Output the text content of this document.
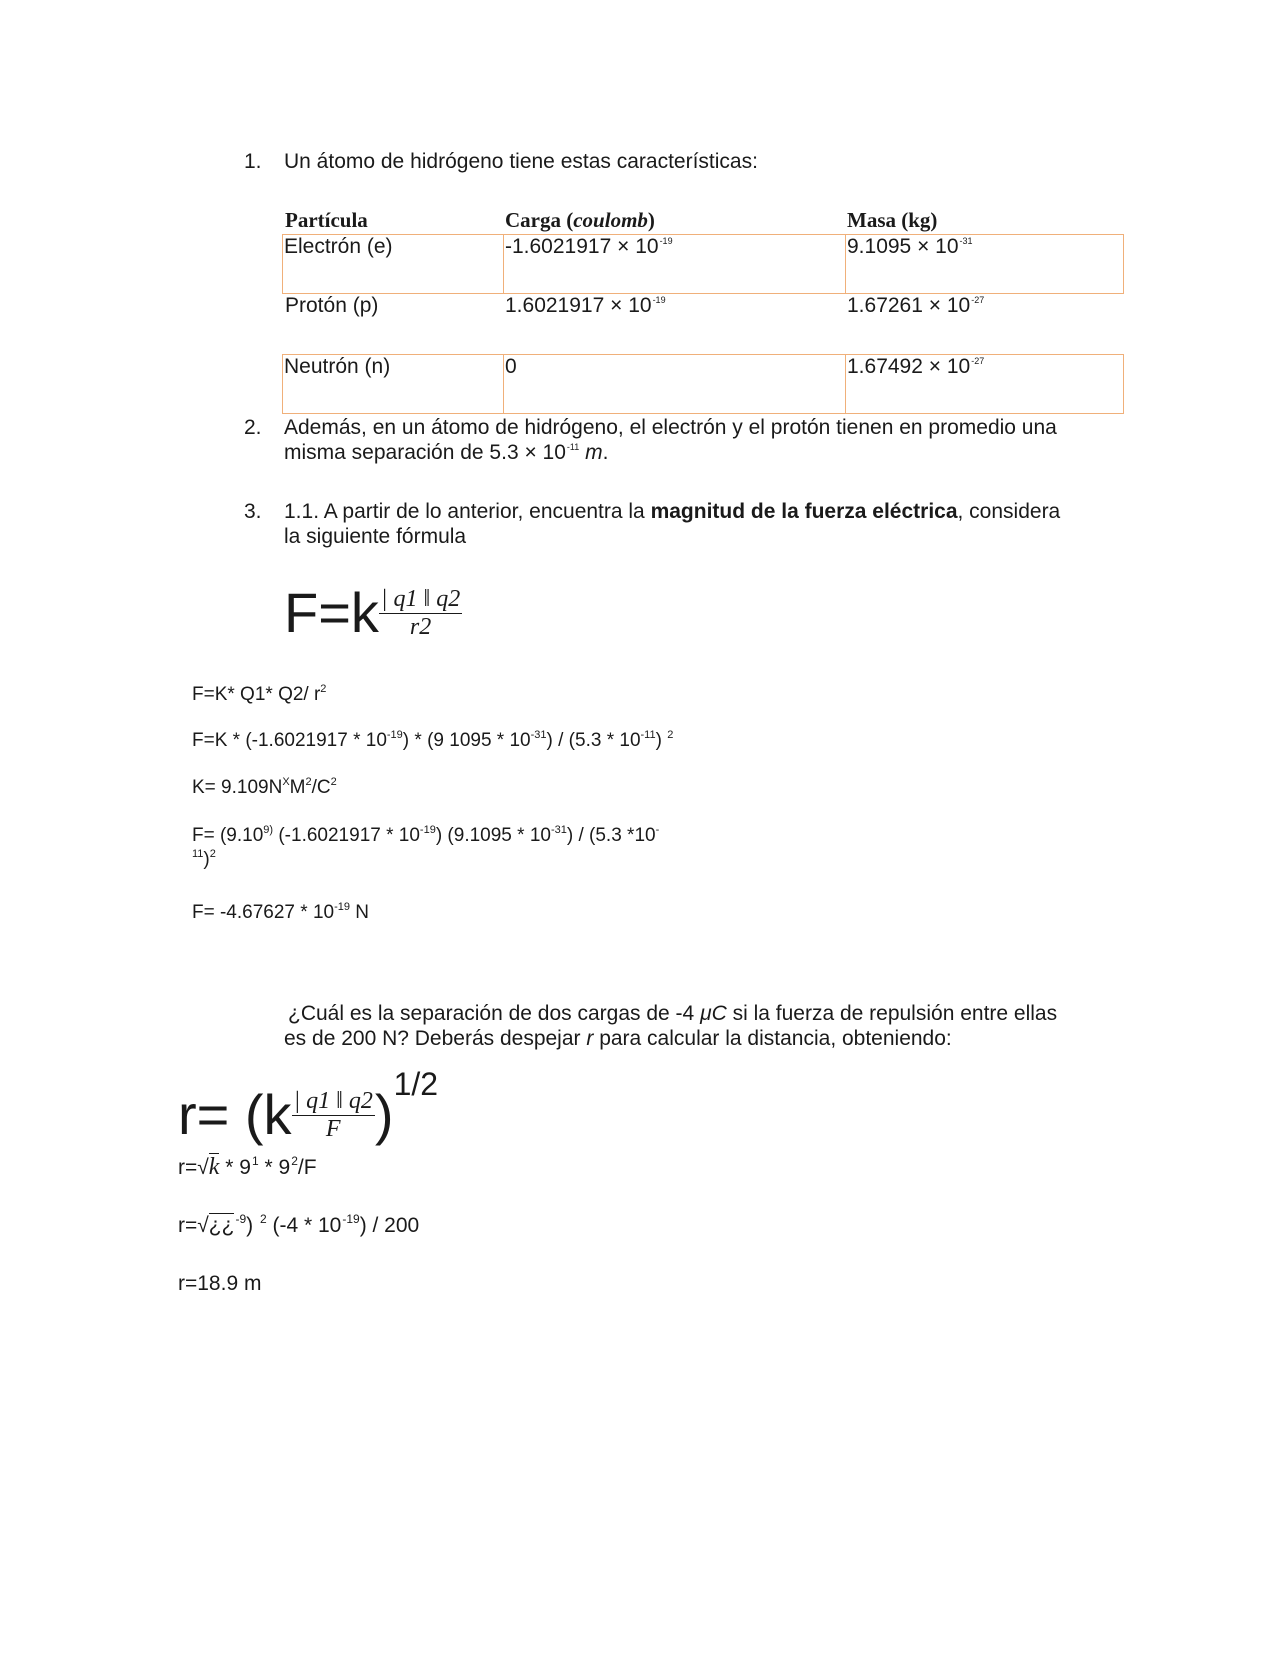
1.	Un átomo de hidrógeno tiene estas características:
Partícula	Carga (coulomb)	Masa (kg)
Electrón (e)	$-1.6021917 \times 10^{-19}$	$9.1095 \times 10^{-31}$
Protón (p)	$1.6021917 \times 10^{-19}$	$1.67261 \times 10^{-27}$
Neutrón (n)	0	$1.67492 \times 10^{-27}$
2.	Además, en un átomo de hidrógeno, el electrón y el protón tienen en promedio una
misma separación de $5.3 \times 10^{-11}$ m.
3.	1.1. A partir de lo anterior, encuentra la magnitud de la fuerza eléctrica, considera
la siguiente fórmula
$F=k \frac{| q1 ‖ q2}{r2}$
F=K* Q1* Q2/ $r^2$
$F=K * (-1.6021917 * 10^{-19}) * (9$ $1095 * 10^{-31}) / (5.3 * 10^{-11})$ $^2$
$K= 9.109N^XM^2/C^2$
$F= (9.10^{9)}$ $(-1.6021917 * 10^{-19})$ $(9.1095 * 10^{-31}) / (5.3$ *10-
$^{11}$)$^2$
$F= -4.67627 * 10^{-19}$ N
¿Cuál es la separación de dos cargas de -4 μC si la fuerza de repulsión entre ellas
es de 200 N? Deberás despejar r para calcular la distancia, obteniendo:
$r= (k \frac{| q1 ‖ q2}{F} )1/2$
$r=√k * 9^1 * 9^2/F$
r=√¿¿$^{-9}$) $^2$ $(-4 * 10^{-19}) / 200$
r=18.9 m
